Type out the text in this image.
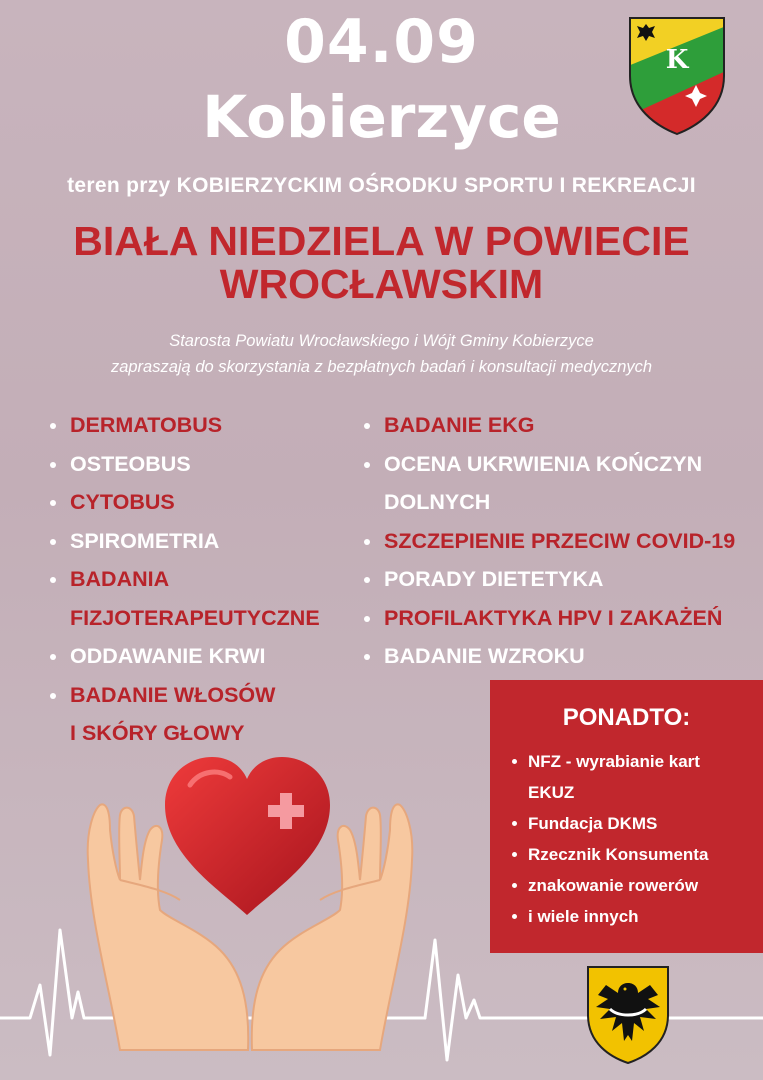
K
04.09
Kobierzyce
teren przy KOBIERZYCKIM OŚRODKU SPORTU I REKREACJI
BIAŁA NIEDZIELA W POWIECIE
WROCŁAWSKIM
Starosta Powiatu Wrocławskiego i Wójt Gminy Kobierzyce
zapraszają do skorzystania z bezpłatnych badań i konsultacji medycznych
DERMATOBUS
OSTEOBUS
CYTOBUS
SPIROMETRIA
BADANIA
FIZJOTERAPEUTYCZNE
ODDAWANIE KRWI
BADANIE WŁOSÓW
I SKÓRY GŁOWY
BADANIE EKG
OCENA UKRWIENIA KOŃCZYN
DOLNYCH
SZCZEPIENIE PRZECIW COVID-19
PORADY DIETETYKA
PROFILAKTYKA HPV I ZAKAŻEŃ
BADANIE WZROKU
PONADTO:
NFZ - wyrabianie kart
EKUZ
Fundacja DKMS
Rzecznik Konsumenta
znakowanie rowerów
i wiele innych
